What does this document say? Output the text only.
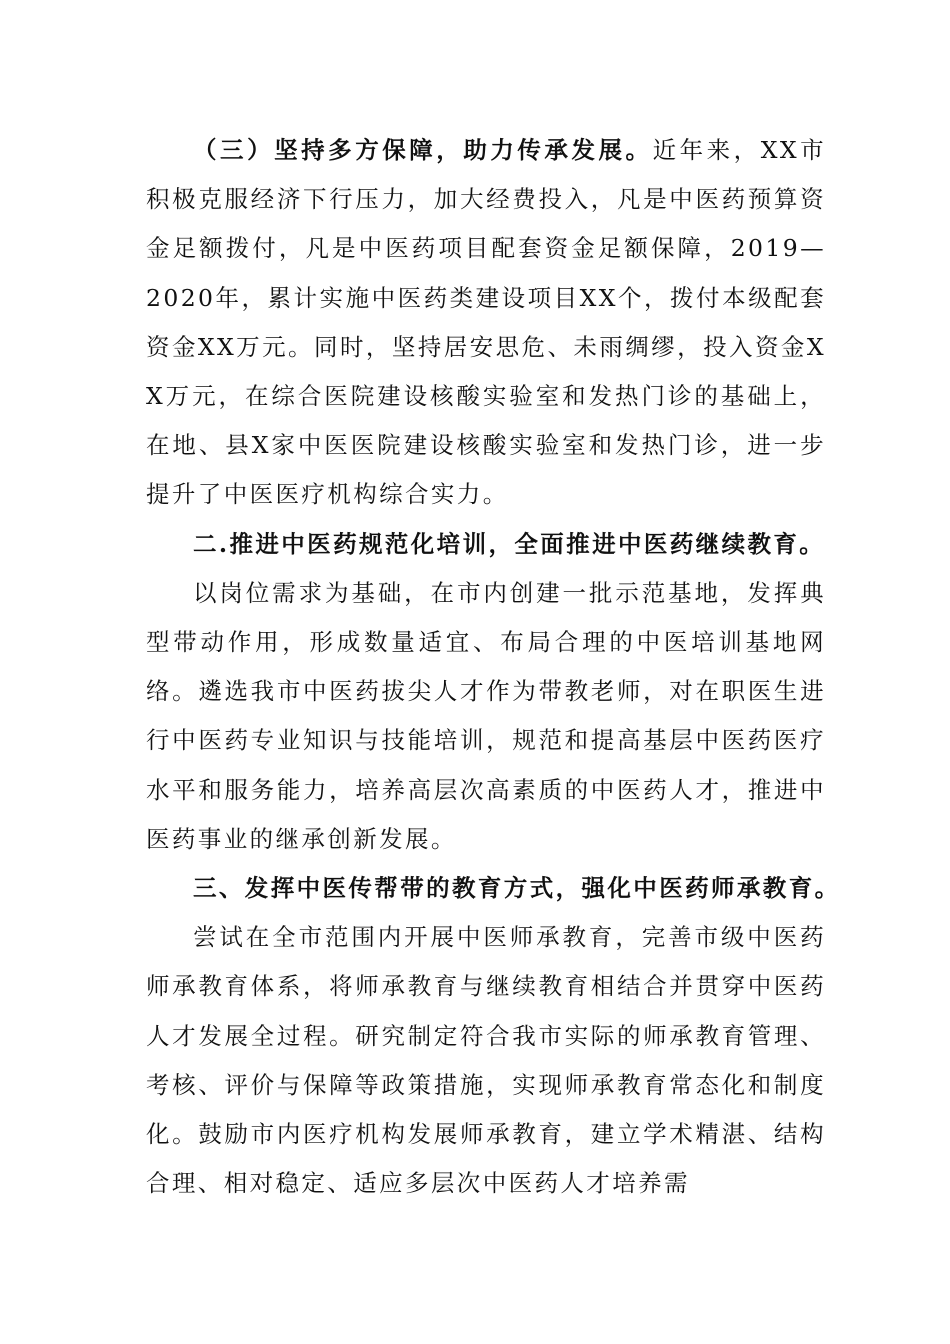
（三）坚持多方保障，助力传承发展。近年来，XX市积极克服经济下行压力，加大经费投入，凡是中医药预算资金足额拨付，凡是中医药项目配套资金足额保障，2019—2020年，累计实施中医药类建设项目XX个，拨付本级配套资金XX万元。同时，坚持居安思危、未雨绸缪，投入资金XX万元，在综合医院建设核酸实验室和发热门诊的基础上，在地、县X家中医医院建设核酸实验室和发热门诊，进一步提升了中医医疗机构综合实力。

二.推进中医药规范化培训，全面推进中医药继续教育。

以岗位需求为基础，在市内创建一批示范基地，发挥典型带动作用，形成数量适宜、布局合理的中医培训基地网络。遴选我市中医药拔尖人才作为带教老师，对在职医生进行中医药专业知识与技能培训，规范和提高基层中医药医疗水平和服务能力，培养高层次高素质的中医药人才，推进中医药事业的继承创新发展。

三、发挥中医传帮带的教育方式，强化中医药师承教育。

尝试在全市范围内开展中医师承教育，完善市级中医药师承教育体系，将师承教育与继续教育相结合并贯穿中医药人才发展全过程。研究制定符合我市实际的师承教育管理、考核、评价与保障等政策措施，实现师承教育常态化和制度化。鼓励市内医疗机构发展师承教育，建立学术精湛、结构合理、相对稳定、适应多层次中医药人才培养需
